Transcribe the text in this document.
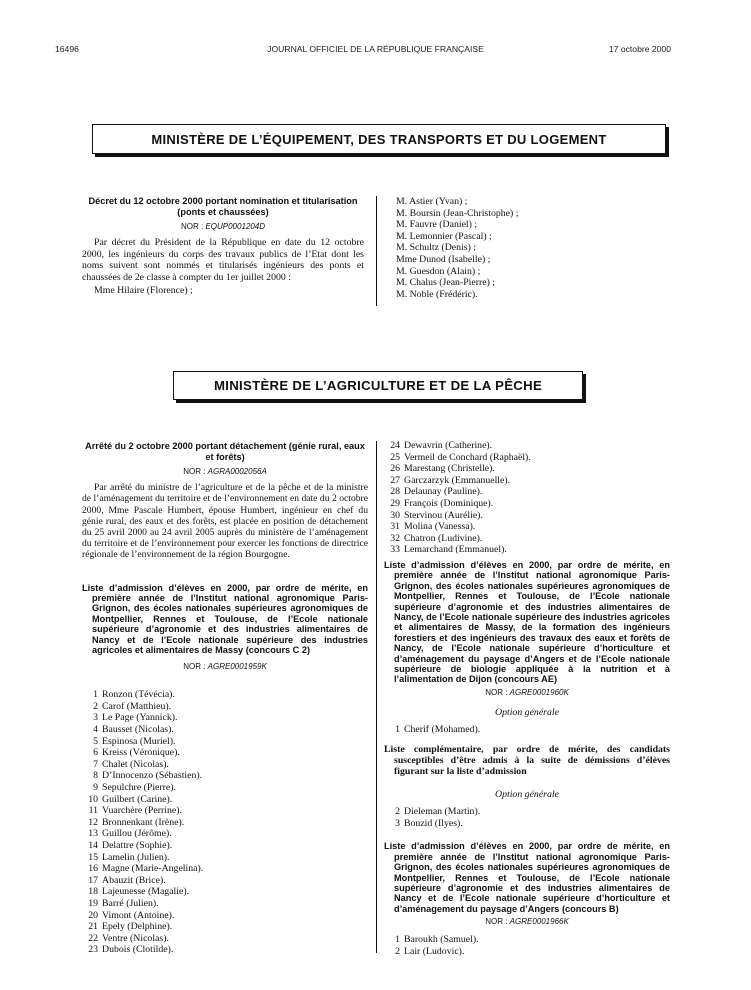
16496	JOURNAL OFFICIEL DE LA RÉPUBLIQUE FRANÇAISE	17 octobre 2000
MINISTÈRE DE L’ÉQUIPEMENT, DES TRANSPORTS ET DU LOGEMENT
Décret du 12 octobre 2000 portant nomination et titularisation (ponts et chaussées)
NOR : EQUP0001204D
Par décret du Président de la République en date du 12 octobre 2000, les ingénieurs du corps des travaux publics de l’Etat dont les noms suivent sont nommés et titularisés ingénieurs des ponts et chaussées de 2e classe à compter du 1er juillet 2000 :
Mme Hilaire (Florence) ;
M. Astier (Yvan) ;
M. Boursin (Jean-Christophe) ;
M. Fauvre (Daniel) ;
M. Lemonnier (Pascal) ;
M. Schultz (Denis) ;
Mme Dunod (Isabelle) ;
M. Guesdon (Alain) ;
M. Chalus (Jean-Pierre) ;
M. Noble (Frédéric).
MINISTÈRE DE L’AGRICULTURE ET DE LA PÊCHE
Arrêté du 2 octobre 2000 portant détachement (génie rural, eaux et forêts)
NOR : AGRA0002056A
Par arrêté du ministre de l’agriculture et de la pêche et de la ministre de l’aménagement du territoire et de l’environnement en date du 2 octobre 2000, Mme Pascale Humbert, épouse Humbert, ingénieur en chef du génie rural, des eaux et des forêts, est placée en position de détachement du 25 avril 2000 au 24 avril 2005 auprès du ministère de l’aménagement du territoire et de l’environnement pour exercer les fonctions de directrice régionale de l’environnement de la région Bourgogne.
Liste d’admission d’élèves en 2000, par ordre de mérite, en première année de l’Institut national agronomique Paris-Grignon, des écoles nationales supérieures agronomiques de Montpellier, Rennes et Toulouse, de l’Ecole nationale supérieure d’agronomie et des industries alimentaires de Nancy et de l’Ecole nationale supérieure des industries agricoles et alimentaires de Massy (concours C 2)
NOR : AGRE0001959K
1 Ronzon (Tévécia).
2 Carof (Matthieu).
3 Le Page (Yannick).
4 Bausset (Nicolas).
5 Espinosa (Muriel).
6 Kreiss (Véronique).
7 Chalet (Nicolas).
8 D’Innocenzo (Sébastien).
9 Sepulchre (Pierre).
10 Guilbert (Carine).
11 Vuarchère (Perrine).
12 Bronnenkant (Irène).
13 Guillou (Jérôme).
14 Delattre (Sophie).
15 Lamelin (Julien).
16 Magne (Marie-Angelina).
17 Abauzit (Brice).
18 Lajeunesse (Magalie).
19 Barré (Julien).
20 Vimont (Antoine).
21 Epely (Delphine).
22 Ventre (Nicolas).
23 Dubois (Clotilde).
24 Dewavrin (Catherine).
25 Vermeil de Conchard (Raphaël).
26 Marestang (Christelle).
27 Garczarzyk (Emmanuelle).
28 Delaunay (Pauline).
29 François (Dominique).
30 Stervinou (Aurélie).
31 Molina (Vanessa).
32 Chatron (Ludivine).
33 Lemarchand (Emmanuel).
Liste d’admission d’élèves en 2000, par ordre de mérite, en première année de l’Institut national agronomique Paris-Grignon, des écoles nationales supérieures agronomiques de Montpellier, Rennes et Toulouse, de l’Ecole nationale supérieure d’agronomie et des industries alimentaires de Nancy, de l’Ecole nationale supérieure des industries agricoles et alimentaires de Massy, de la formation des ingénieurs forestiers et des ingénieurs des travaux des eaux et forêts de Nancy, de l’Ecole nationale supérieure d’horticulture et d’aménagement du paysage d’Angers et de l’Ecole nationale supérieure de biologie appliquée à la nutrition et à l’alimentation de Dijon (concours AE)
NOR : AGRE0001960K
Option générale
1 Cherif (Mohamed).
Liste complémentaire, par ordre de mérite, des candidats susceptibles d’être admis à la suite de démissions d’élèves figurant sur la liste d’admission
Option générale
2 Dieleman (Martin).
3 Bouzid (Ilyes).
Liste d’admission d’élèves en 2000, par ordre de mérite, en première année de l’Institut national agronomique Paris-Grignon, des écoles nationales supérieures agronomiques de Montpellier, Rennes et Toulouse, de l’Ecole nationale supérieure d’agronomie et des industries alimentaires de Nancy et de l’Ecole nationale supérieure d’horticulture et d’aménagement du paysage d’Angers (concours B)
NOR : AGRE0001966K
1 Baroukh (Samuel).
2 Lair (Ludovic).
